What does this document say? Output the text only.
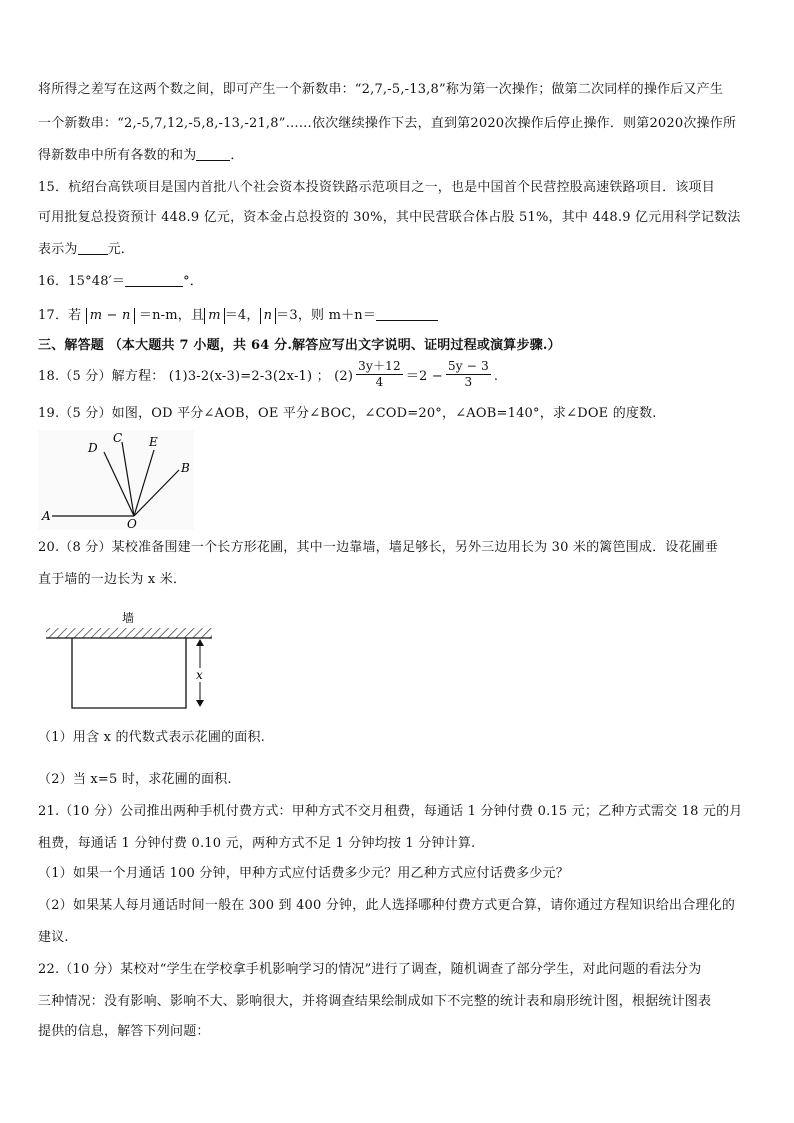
将所得之差写在这两个数之间，即可产生一个新数串：“2,7,-5,-13,8”称为第一次操作；做第二次同样的操作后又产生
一个新数串：“2,-5,7,12,-5,8,-13,-21,8”……依次继续操作下去，直到第2020次操作后停止操作．则第2020次操作所
得新数串中所有各数的和为	．
15．杭绍台高铁项目是国内首批八个社会资本投资铁路示范项目之一，也是中国首个民营控股高速铁路项目．该项目
可用批复总投资预计 448.9 亿元，资本金占总投资的 30%，其中民营联合体占股 51%，其中 448.9 亿元用科学记数法
表示为 元．
16．15°48′＝	°．
17．若 m − n ＝n-m，且 m ＝4， n ＝3，则 m＋n＝
三、解答题 （本大题共 7 小题，共 64 分.解答应写出文字说明、证明过程或演算步骤.）
18.（5 分）解方程： (1)3-2(x-3)=2-3(2x-1) ； $(2) \frac{3y+12}{4} =2 - \frac{5y - 3}{3}$ .
19.（5 分）如图，OD 平分∠AOB，OE 平分∠BOC，∠COD=20°，∠AOB=140°，求∠DOE 的度数.
A
O
B
C
D	E
20.（8 分）某校准备围建一个长方形花圃，其中一边靠墙，墙足够长，另外三边用长为 30 米的篱笆围成．设花圃垂
直于墙的一边长为 x 米．
墙
x
（1）用含 x 的代数式表示花圃的面积.
（2）当 x=5 时，求花圃的面积.
21.（10 分）公司推出两种手机付费方式：甲种方式不交月租费，每通话 1 分钟付费 0.15 元；乙种方式需交 18 元的月
租费，每通话 1 分钟付费 0.10 元，两种方式不足 1 分钟均按 1 分钟计算.
（1）如果一个月通话 100 分钟，甲种方式应付话费多少元？用乙种方式应付话费多少元？
（2）如果某人每月通话时间一般在 300 到 400 分钟，此人选择哪种付费方式更合算，请你通过方程知识给出合理化的
建议.
22.（10 分）某校对“学生在学校拿手机影响学习的情况”进行了调查，随机调查了部分学生，对此问题的看法分为
三种情况：没有影响、影响不大、影响很大，并将调查结果绘制成如下不完整的统计表和扇形统计图，根据统计图表
提供的信息，解答下列问题：
